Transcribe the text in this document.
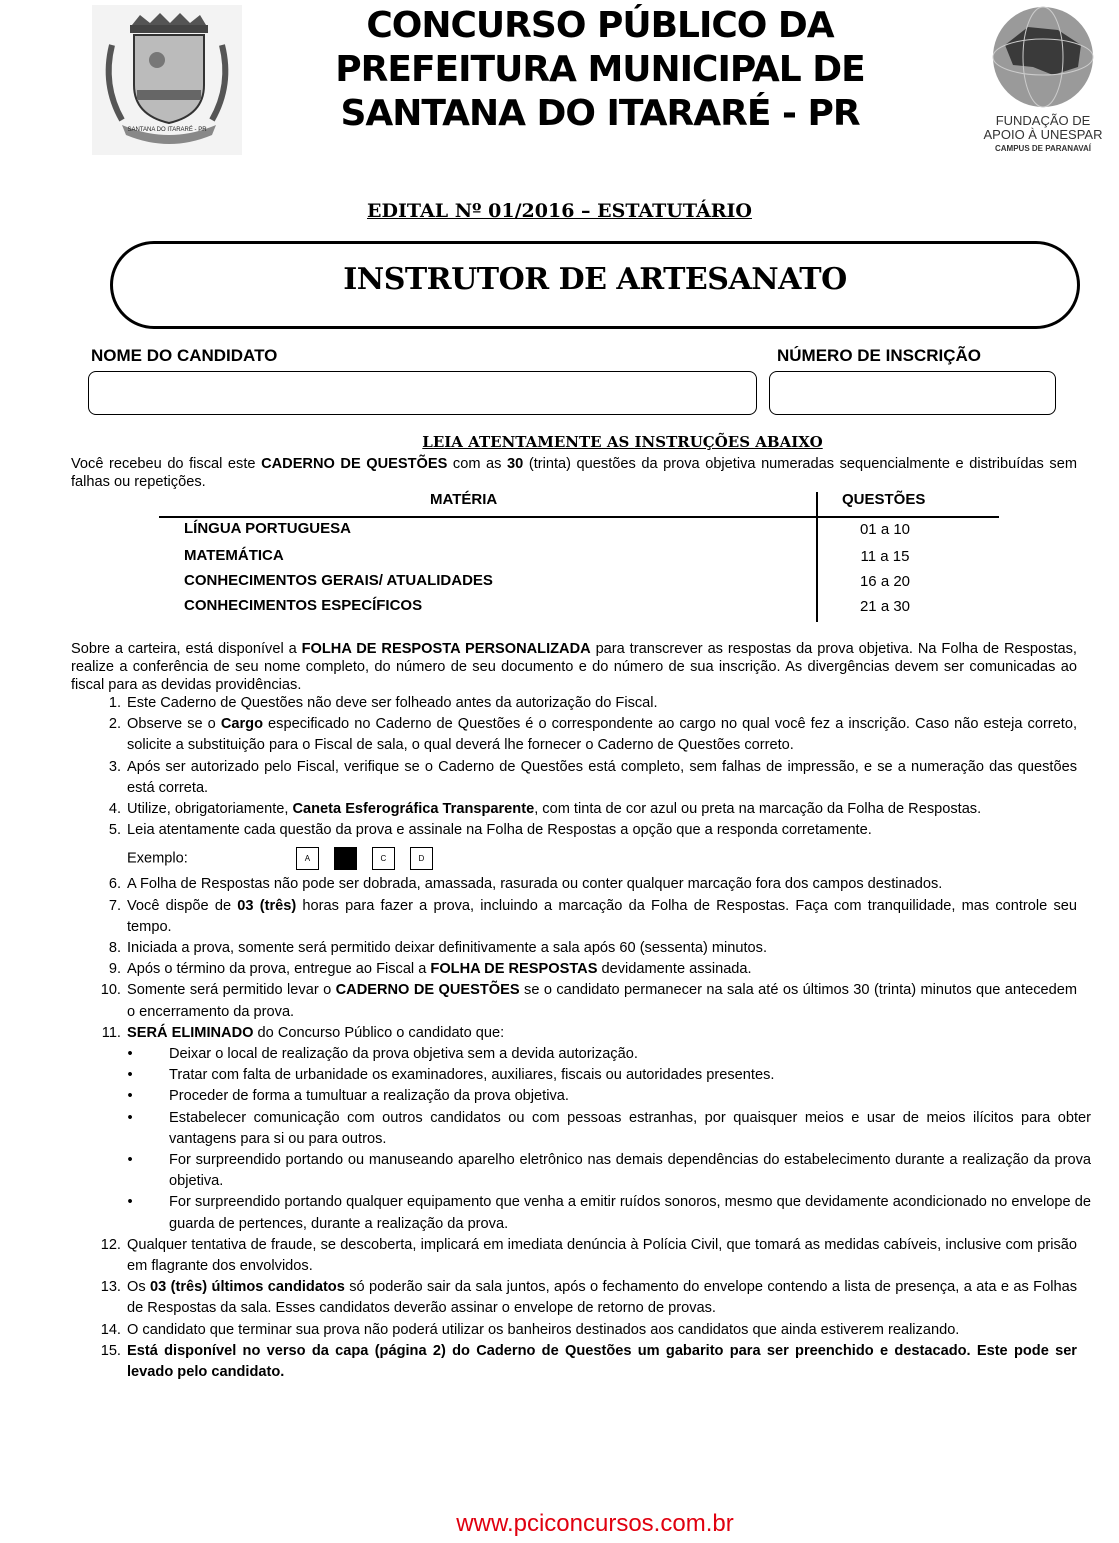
SANTANA DO ITARARÉ - PR
CONCURSO PÚBLICO DA
PREFEITURA MUNICIPAL DE
SANTANA DO ITARARÉ - PR	FUNDAÇÃO DE
APOIO À UNESPAR
CAMPUS DE PARANAVAÍ
EDITAL Nº 01/2016 – ESTATUTÁRIO
INSTRUTOR DE ARTESANATO
NOME DO CANDIDATO	NÚMERO DE INSCRIÇÃO
LEIA ATENTAMENTE AS INSTRUÇÕES ABAIXO
Você recebeu do fiscal este CADERNO DE QUESTÕES com as 30 (trinta) questões da prova objetiva numeradas sequencialmente e distribuídas sem falhas ou repetições.
MATÉRIA	QUESTÕES
LÍNGUA PORTUGUESA	01 a 10
MATEMÁTICA	11 a 15
CONHECIMENTOS GERAIS/ ATUALIDADES	16 a 20
CONHECIMENTOS ESPECÍFICOS	21 a 30
Sobre a carteira, está disponível a FOLHA DE RESPOSTA PERSONALIZADA para transcrever as respostas da prova objetiva. Na Folha de Respostas, realize a conferência de seu nome completo, do número de seu documento e do número de sua inscrição. As divergências devem ser comunicadas ao fiscal para as devidas providências.
1. Este Caderno de Questões não deve ser folheado antes da autorização do Fiscal.
2. Observe se o Cargo especificado no Caderno de Questões é o correspondente ao cargo no qual você fez a inscrição. Caso não esteja correto, solicite a substituição para o Fiscal de sala, o qual deverá lhe fornecer o Caderno de Questões correto.
3. Após ser autorizado pelo Fiscal, verifique se o Caderno de Questões está completo, sem falhas de impressão, e se a numeração das questões está correta.
4. Utilize, obrigatoriamente, Caneta Esferográfica Transparente, com tinta de cor azul ou preta na marcação da Folha de Respostas.
5. Leia atentamente cada questão da prova e assinale na Folha de Respostas a opção que a responda corretamente.
Exemplo:	A	C	D
6. A Folha de Respostas não pode ser dobrada, amassada, rasurada ou conter qualquer marcação fora dos campos destinados.
7. Você dispõe de 03 (três) horas para fazer a prova, incluindo a marcação da Folha de Respostas. Faça com tranquilidade, mas controle seu tempo.
8. Iniciada a prova, somente será permitido deixar definitivamente a sala após 60 (sessenta) minutos.
9. Após o término da prova, entregue ao Fiscal a FOLHA DE RESPOSTAS devidamente assinada.
10. Somente será permitido levar o CADERNO DE QUESTÕES se o candidato permanecer na sala até os últimos 30 (trinta) minutos que antecedem o encerramento da prova.
11. SERÁ ELIMINADO do Concurso Público o candidato que:
•	Deixar o local de realização da prova objetiva sem a devida autorização.
•	Tratar com falta de urbanidade os examinadores, auxiliares, fiscais ou autoridades presentes.
•	Proceder de forma a tumultuar a realização da prova objetiva.
•	Estabelecer comunicação com outros candidatos ou com pessoas estranhas, por quaisquer meios e usar de meios ilícitos para obter vantagens para si ou para outros.
•	For surpreendido portando ou manuseando aparelho eletrônico nas demais dependências do estabelecimento durante a realização da prova objetiva.
•	For surpreendido portando qualquer equipamento que venha a emitir ruídos sonoros, mesmo que devidamente acondicionado no envelope de guarda de pertences, durante a realização da prova.
12. Qualquer tentativa de fraude, se descoberta, implicará em imediata denúncia à Polícia Civil, que tomará as medidas cabíveis, inclusive com prisão em flagrante dos envolvidos.
13. Os 03 (três) últimos candidatos só poderão sair da sala juntos, após o fechamento do envelope contendo a lista de presença, a ata e as Folhas de Respostas da sala. Esses candidatos deverão assinar o envelope de retorno de provas.
14. O candidato que terminar sua prova não poderá utilizar os banheiros destinados aos candidatos que ainda estiverem realizando.
15. Está disponível no verso da capa (página 2) do Caderno de Questões um gabarito para ser preenchido e destacado. Este pode ser levado pelo candidato.
www.pciconcursos.com.br
